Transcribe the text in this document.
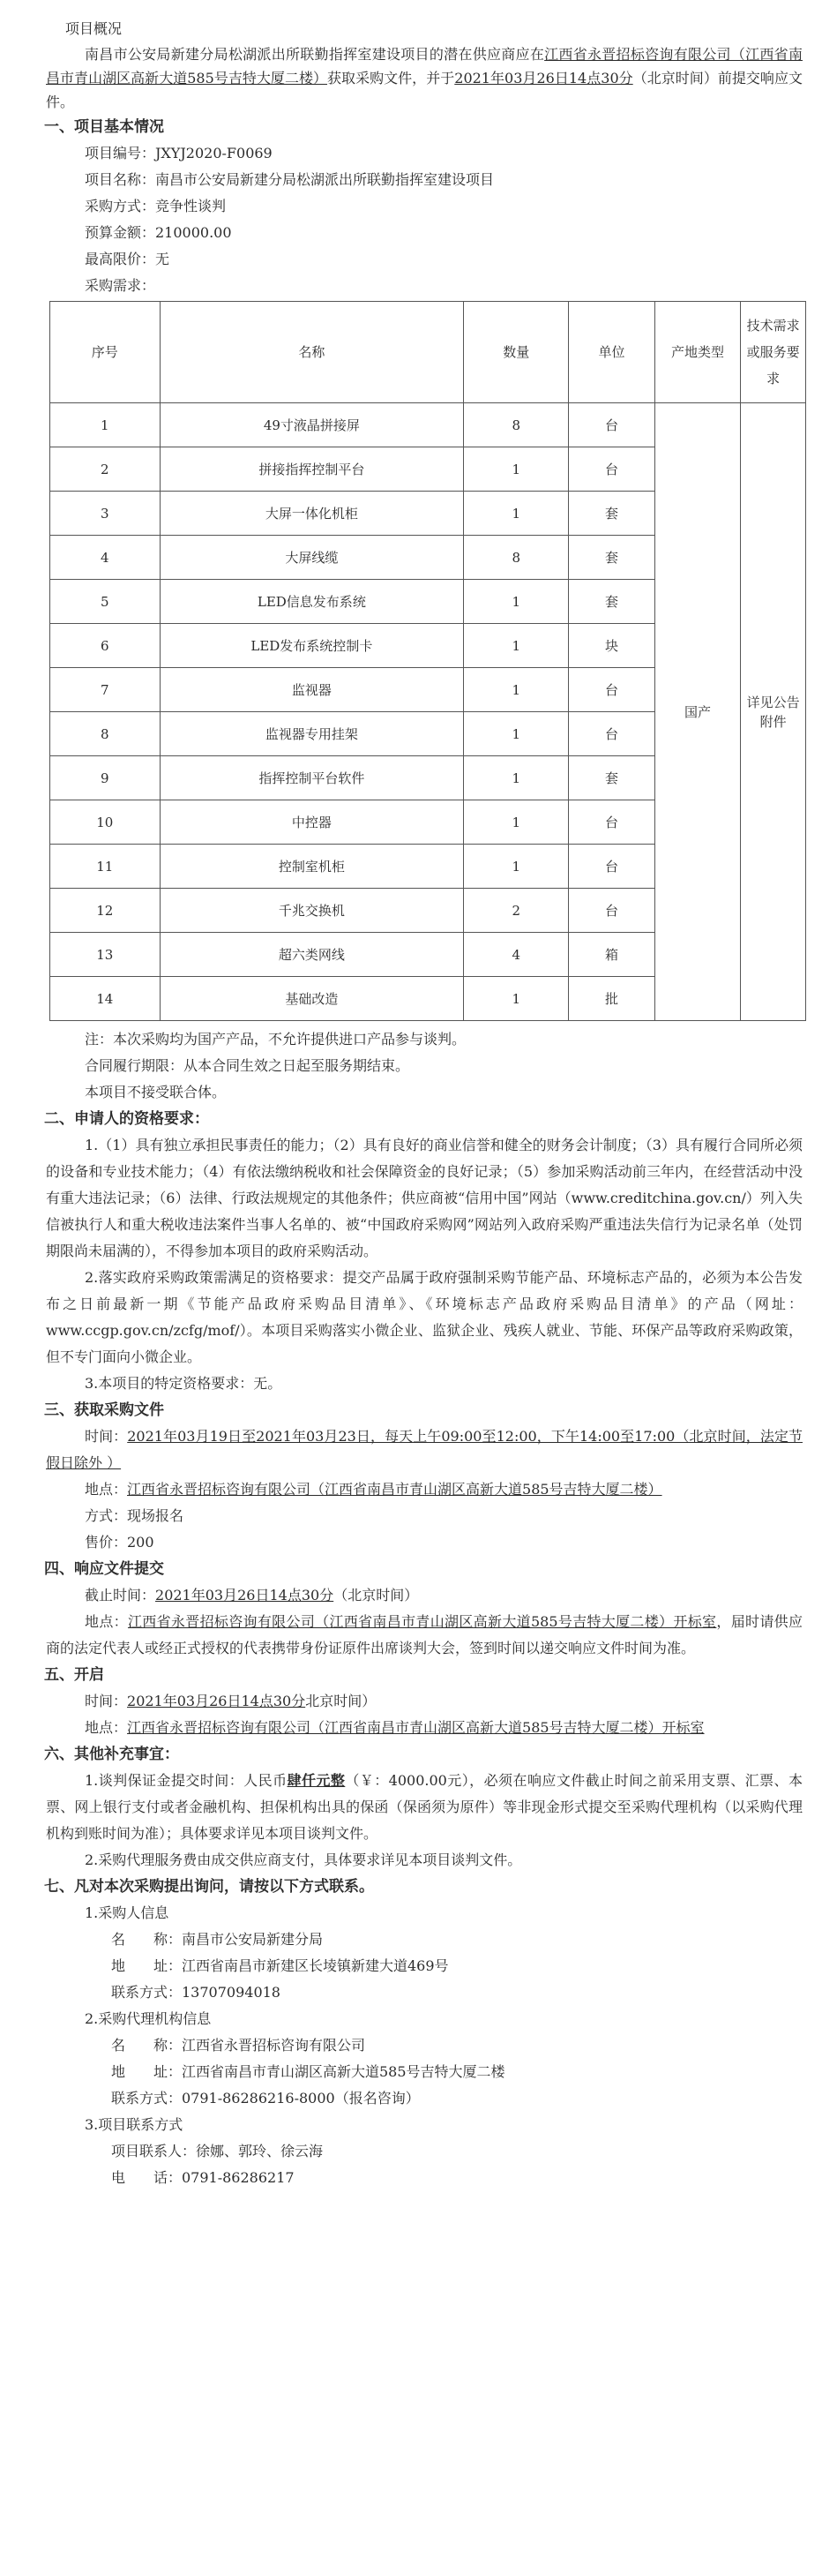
项目概况
南昌市公安局新建分局松湖派出所联勤指挥室建设项目的潜在供应商应在江西省永晋招标咨询有限公司（江西省南昌市青山湖区高新大道585号吉特大厦二楼）获取采购文件，并于2021年03月26日14点30分（北京时间）前提交响应文件。
一、项目基本情况
项目编号：JXYJ2020-F0069
项目名称：南昌市公安局新建分局松湖派出所联勤指挥室建设项目
采购方式：竞争性谈判
预算金额：210000.00
最高限价：无
采购需求：
序号	名称	数量	单位	产地类型	技术需求或服务要求
1	49寸液晶拼接屏	8	台	国产	详见公告附件
2	拼接指挥控制平台	1	台		
3	大屏一体化机柜	1	套		
4	大屏线缆	8	套		
5	LED信息发布系统	1	套		
6	LED发布系统控制卡	1	块		
7	监视器	1	台		
8	监视器专用挂架	1	台		
9	指挥控制平台软件	1	套		
10	中控器	1	台		
11	控制室机柜	1	台		
12	千兆交换机	2	台		
13	超六类网线	4	箱		
14	基础改造	1	批		
注：本次采购均为国产产品，不允许提供进口产品参与谈判。
合同履行期限：从本合同生效之日起至服务期结束。
本项目不接受联合体。
二、申请人的资格要求：
1.（1）具有独立承担民事责任的能力；（2）具有良好的商业信誉和健全的财务会计制度；（3）具有履行合同所必须的设备和专业技术能力；（4）有依法缴纳税收和社会保障资金的良好记录；（5）参加采购活动前三年内，在经营活动中没有重大违法记录；（6）法律、行政法规规定的其他条件；供应商被“信用中国”网站（www.creditchina.gov.cn/）列入失信被执行人和重大税收违法案件当事人名单的、被“中国政府采购网”网站列入政府采购严重违法失信行为记录名单（处罚期限尚未届满的），不得参加本项目的政府采购活动。
2.落实政府采购政策需满足的资格要求：提交产品属于政府强制采购节能产品、环境标志产品的，必须为本公告发布之日前最新一期《节能产品政府采购品目清单》、《环境标志产品政府采购品目清单》的产品（网址：www.ccgp.gov.cn/zcfg/mof/）。本项目采购落实小微企业、监狱企业、残疾人就业、节能、环保产品等政府采购政策，但不专门面向小微企业。
3.本项目的特定资格要求：无。
三、获取采购文件
时间：2021年03月19日至2021年03月23日，每天上午09:00至12:00，下午14:00至17:00（北京时间，法定节假日除外 ）
地点：江西省永晋招标咨询有限公司（江西省南昌市青山湖区高新大道585号吉特大厦二楼）
方式：现场报名
售价：200
四、响应文件提交
截止时间：2021年03月26日14点30分（北京时间）
地点：江西省永晋招标咨询有限公司（江西省南昌市青山湖区高新大道585号吉特大厦二楼）开标室，届时请供应商的法定代表人或经正式授权的代表携带身份证原件出席谈判大会，签到时间以递交响应文件时间为准。
五、开启
时间：2021年03月26日14点30分北京时间）
地点：江西省永晋招标咨询有限公司（江西省南昌市青山湖区高新大道585号吉特大厦二楼）开标室
六、其他补充事宜：
1.谈判保证金提交时间：人民币肆仟元整（￥：4000.00元），必须在响应文件截止时间之前采用支票、汇票、本票、网上银行支付或者金融机构、担保机构出具的保函（保函须为原件）等非现金形式提交至采购代理机构（以采购代理机构到账时间为准）；具体要求详见本项目谈判文件。
2.采购代理服务费由成交供应商支付，具体要求详见本项目谈判文件。
七、凡对本次采购提出询问，请按以下方式联系。
1.采购人信息
名　　称：南昌市公安局新建分局
地　　址：江西省南昌市新建区长堎镇新建大道469号
联系方式：13707094018
2.采购代理机构信息
名　　称：江西省永晋招标咨询有限公司
地　　址：江西省南昌市青山湖区高新大道585号吉特大厦二楼
联系方式：0791-86286216-8000（报名咨询）
3.项目联系方式
项目联系人：徐娜、郭玲、徐云海
电　　话：0791-86286217
